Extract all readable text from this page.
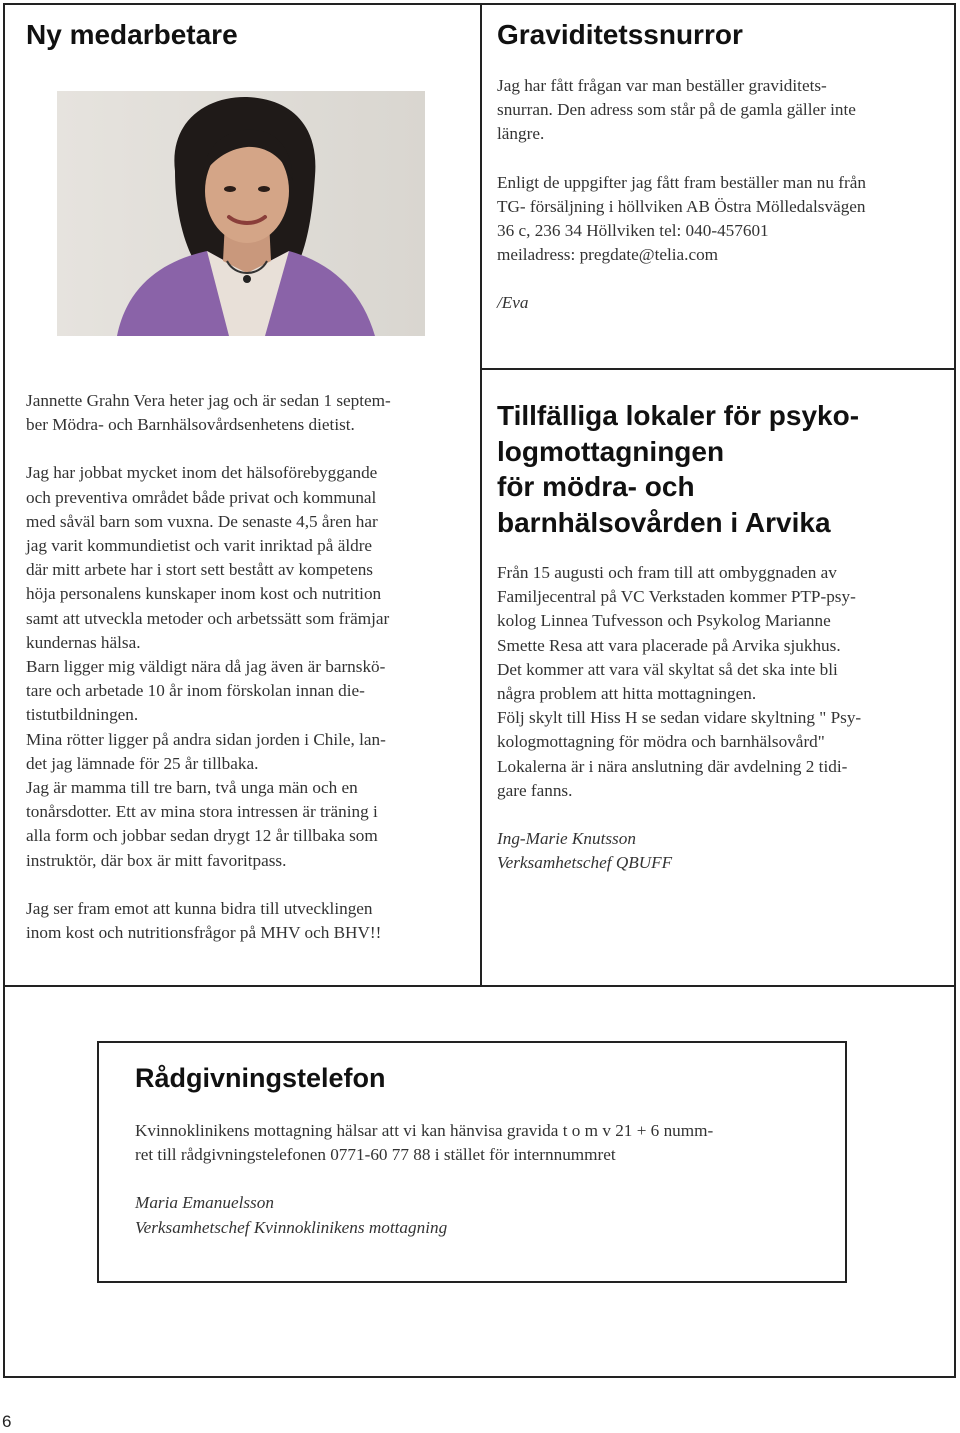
Ny medarbetare

Jannette Grahn Vera heter jag och är sedan 1 septem-

ber Mödra- och Barnhälsovårdsenhetens dietist.

Jag har jobbat mycket inom det hälsoförebyggande

och preventiva området både privat och kommunal

med såväl barn som vuxna. De senaste 4,5 åren har

jag varit kommundietist och varit inriktad på äldre

där mitt arbete har i stort sett bestått av kompetens

höja personalens kunskaper inom kost och nutrition

samt att utveckla metoder och arbetssätt som främjar

kundernas hälsa.

Barn ligger mig väldigt nära då jag även är barnskö-

tare och arbetade 10 år inom förskolan innan die-

tistutbildningen.

Mina rötter ligger på andra sidan jorden i Chile, lan-

det jag lämnade för 25 år tillbaka.

Jag är mamma till tre barn, två unga män och en

tonårsdotter. Ett av mina stora intressen är träning i

alla form och jobbar sedan drygt 12 år tillbaka som

instruktör, där box är mitt favoritpass.

Jag ser fram emot att kunna bidra till utvecklingen

inom kost och nutritionsfrågor på MHV och BHV!!

Graviditetssnurror

Jag har fått frågan var man beställer graviditets-

snurran. Den adress som står på de gamla gäller inte

längre.

Enligt de uppgifter jag fått fram beställer man nu från

TG- försäljning i höllviken AB Östra Mölledalsvägen

36 c, 236 34 Höllviken tel: 040-457601

meiladress: pregdate@telia.com

/Eva

Tillfälliga lokaler för psyko-
logmottagningen
för mödra- och
barnhälsovården i Arvika

Från 15 augusti och fram till att ombyggnaden av

Familjecentral på VC Verkstaden kommer PTP-psy-

kolog Linnea Tufvesson och Psykolog Marianne

Smette Resa att vara placerade på Arvika sjukhus.

Det kommer att vara väl skyltat så det ska inte bli

några problem att hitta mottagningen.

Följ skylt till Hiss H se sedan vidare skyltning " Psy-

kologmottagning för mödra och barnhälsovård"

Lokalerna är i nära anslutning där avdelning 2 tidi-

gare fanns.

Ing-Marie Knutsson

Verksamhetschef QBUFF

Rådgivningstelefon

Kvinnoklinikens mottagning hälsar att vi kan hänvisa gravida t o m v 21 + 6 numm-

ret till rådgivningstelefonen 0771-60 77 88 i stället för internnummret

Maria Emanuelsson

Verksamhetschef Kvinnoklinikens mottagning

6
